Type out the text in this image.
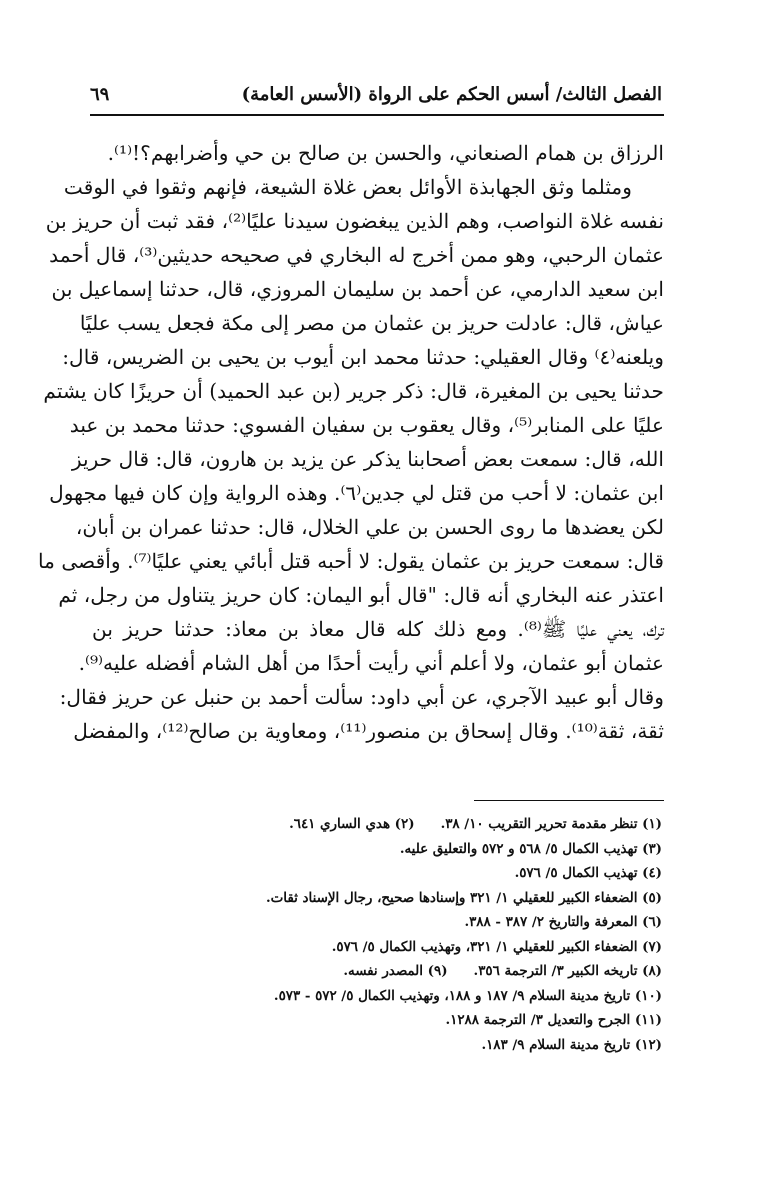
الفصل الثالث/ أسس الحكم على الرواة (الأسس العامة)
٦٩
الرزاق بن همام الصنعاني، والحسن بن صالح بن حي وأضرابهم؟!⁽¹⁾.
ومثلما وثق الجهابذة الأوائل بعض غلاة الشيعة، فإنهم وثقوا في الوقت
نفسه غلاة النواصب، وهم الذين يبغضون سيدنا عليًا⁽²⁾، فقد ثبت أن حريز بن
عثمان الرحبي، وهو ممن أخرج له البخاري في صحيحه حديثين⁽³⁾، قال أحمد
ابن سعيد الدارمي، عن أحمد بن سليمان المروزي، قال، حدثنا إسماعيل بن
عياش، قال: عادلت حريز بن عثمان من مصر إلى مكة فجعل يسب عليًا
ويلعنه⁽٤⁾ وقال العقيلي: حدثنا محمد ابن أيوب بن يحيى بن الضريس، قال:
حدثنا يحيى بن المغيرة، قال: ذكر جرير (بن عبد الحميد) أن حريزًا كان يشتم
عليًا على المنابر⁽⁵⁾، وقال يعقوب بن سفيان الفسوي: حدثنا محمد بن عبد
الله، قال: سمعت بعض أصحابنا يذكر عن يزيد بن هارون، قال: قال حريز
ابن عثمان: لا أحب من قتل لي جدين⁽٦⁾. وهذه الرواية وإن كان فيها مجهول
لكن يعضدها ما روى الحسن بن علي الخلال، قال: حدثنا عمران بن أبان،
قال: سمعت حريز بن عثمان يقول: لا أحبه قتل أبائي يعني عليًا⁽⁷⁾. وأقصى ما
اعتذر عنه البخاري أنه قال: "قال أبو اليمان: كان حريز يتناول من رجل، ثم
ترك، يعني عليًا ﷺ⁽⁸⁾. ومع ذلك كله قال معاذ بن معاذ: حدثنا حريز بن
عثمان أبو عثمان، ولا أعلم أني رأيت أحدًا من أهل الشام أفضله عليه⁽⁹⁾.
وقال أبو عبيد الآجري، عن أبي داود: سألت أحمد بن حنبل عن حريز فقال:
ثقة، ثقة⁽¹⁰⁾. وقال إسحاق بن منصور⁽¹¹⁾، ومعاوية بن صالح⁽¹²⁾، والمفضل
(١) تنظر مقدمة تحرير التقريب ١٠/ ٣٨.
(٢) هدي الساري ٦٤١.
(٣) تهذيب الكمال ٥/ ٥٦٨ و ٥٧٢ والتعليق عليه.
(٤) تهذيب الكمال ٥/ ٥٧٦.
(٥) الضعفاء الكبير للعقيلي ١/ ٣٢١ وإسنادها صحيح، رجال الإسناد ثقات.
(٦) المعرفة والتاريخ ٢/ ٣٨٧ - ٣٨٨.
(٧) الضعفاء الكبير للعقيلي ١/ ٣٢١، وتهذيب الكمال ٥/ ٥٧٦.
(٨) تاريخه الكبير ٣/ الترجمة ٣٥٦.
(٩) المصدر نفسه.
(١٠) تاريخ مدينة السلام ٩/ ١٨٧ و ١٨٨، وتهذيب الكمال ٥/ ٥٧٢ - ٥٧٣.
(١١) الجرح والتعديل ٣/ الترجمة ١٢٨٨.
(١٢) تاريخ مدينة السلام ٩/ ١٨٣.
